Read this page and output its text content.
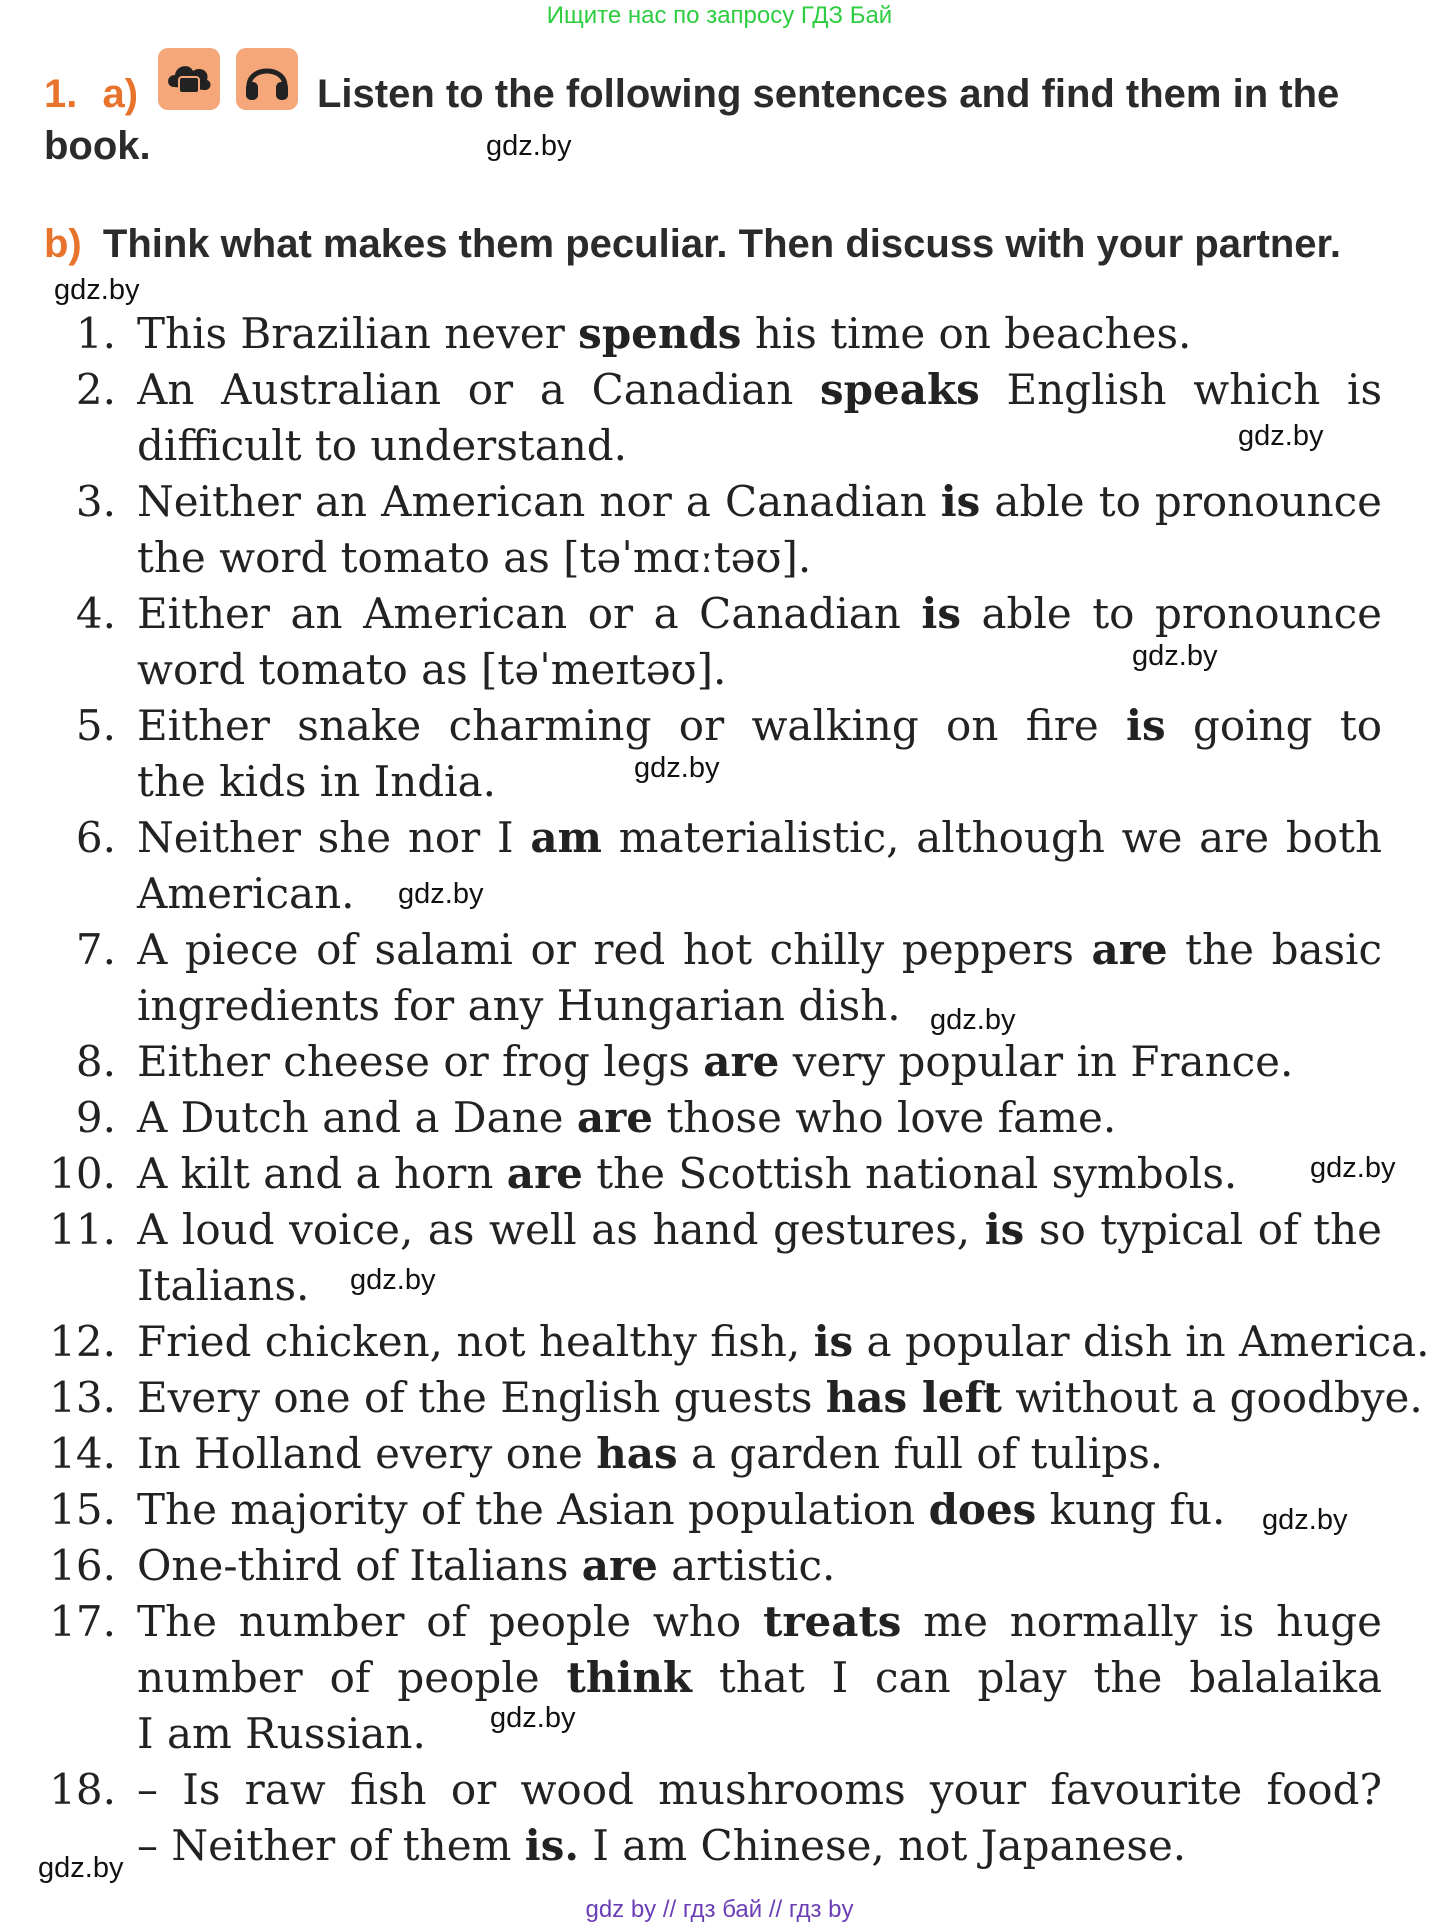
Ищите нас по запросу ГДЗ Бай
1. a)	Listen to the following sentences and find them in the
book.
b) Think what makes them peculiar. Then discuss with your partner.
1. This Brazilian never spends his time on beaches.
2. An Australian or a Canadian speaks English which is
difficult to understand.
3. Neither an American nor a Canadian is able to pronounce
the word tomato as [təˈmɑːtəʊ].
4. Either an American or a Canadian is able to pronounce
word tomato as [təˈmeɪtəʊ].
5. Either snake charming or walking on fire is going to
the kids in India.
6. Neither she nor I am materialistic, although we are both
American.
7. A piece of salami or red hot chilly peppers are the basic
ingredients for any Hungarian dish.
8. Either cheese or frog legs are very popular in France.
9. A Dutch and a Dane are those who love fame.
10. A kilt and a horn are the Scottish national symbols.
11. A loud voice, as well as hand gestures, is so typical of the
Italians.
12. Fried chicken, not healthy fish, is a popular dish in America.
13. Every one of the English guests has left without a goodbye.
14. In Holland every one has a garden full of tulips.
15. The majority of the Asian population does kung fu.
16. One-third of Italians are artistic.
17. The number of people who treats me normally is huge
number of people think that I can play the balalaika
I am Russian.
18. – Is raw fish or wood mushrooms your favourite food?
– Neither of them is. I am Chinese, not Japanese.
gdz.by
gdz.by
gdz.by
gdz.by
gdz.by
gdz.by
gdz.by
gdz.by
gdz.by
gdz.by
gdz.by
gdz.by
gdz by // гдз бай // гдз by
